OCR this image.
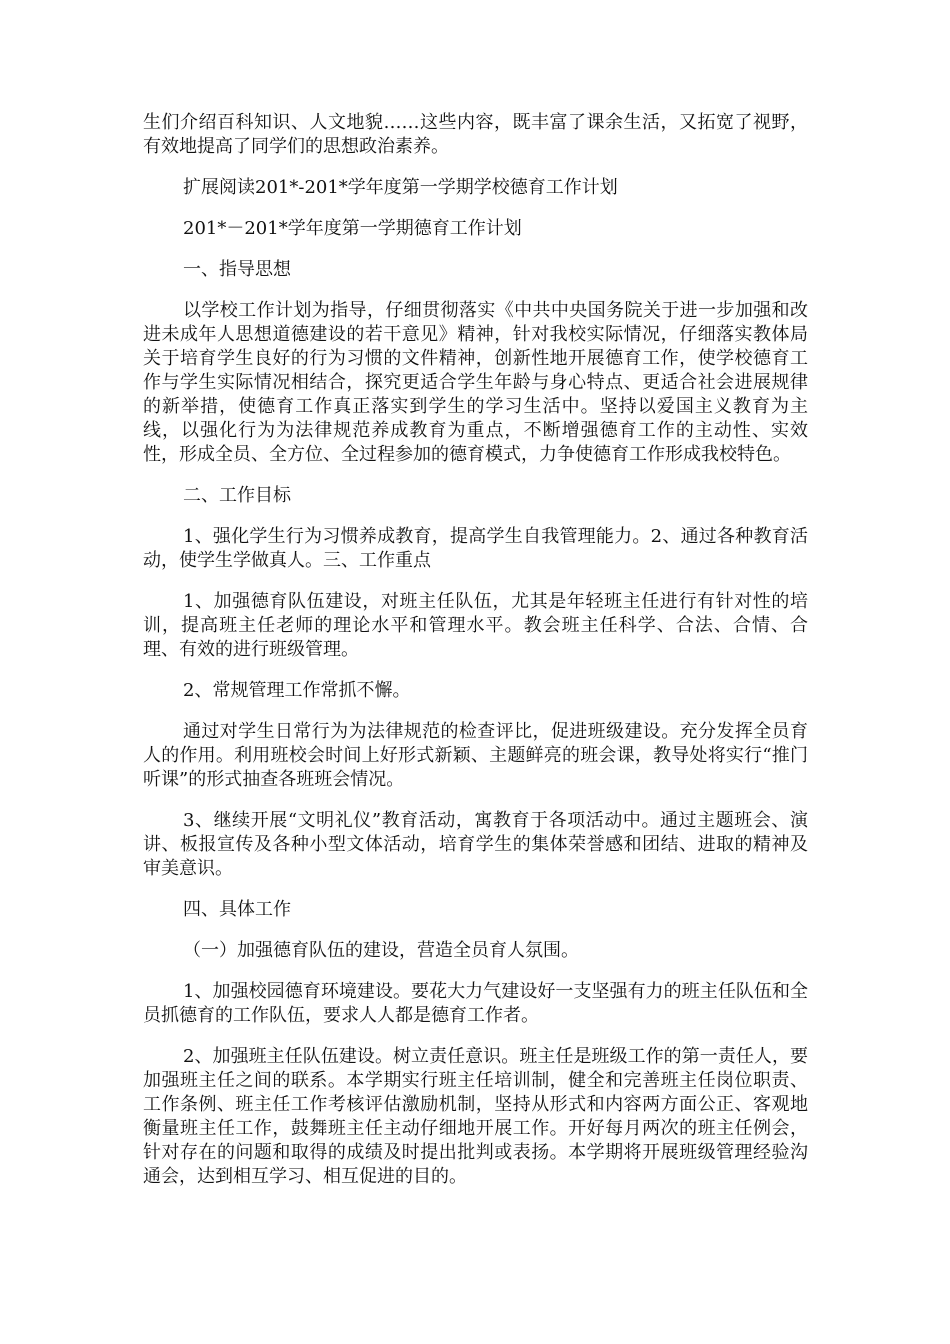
生们介绍百科知识、人文地貌……这些内容，既丰富了课余生活，又拓宽了视野，有效地提高了同学们的思想政治素养。

扩展阅读201*-201*学年度第一学期学校德育工作计划

201*－201*学年度第一学期德育工作计划

一、指导思想

以学校工作计划为指导，仔细贯彻落实《中共中央国务院关于进一步加强和改进未成年人思想道德建设的若干意见》精神，针对我校实际情况，仔细落实教体局关于培育学生良好的行为习惯的文件精神，创新性地开展德育工作，使学校德育工作与学生实际情况相结合，探究更适合学生年龄与身心特点、更适合社会进展规律的新举措，使德育工作真正落实到学生的学习生活中。坚持以爱国主义教育为主线，以强化行为为法律规范养成教育为重点，不断增强德育工作的主动性、实效性，形成全员、全方位、全过程参加的德育模式，力争使德育工作形成我校特色。

二、工作目标

1、强化学生行为习惯养成教育，提高学生自我管理能力。2、通过各种教育活动，使学生学做真人。三、工作重点

1、加强德育队伍建设，对班主任队伍，尤其是年轻班主任进行有针对性的培训，提高班主任老师的理论水平和管理水平。教会班主任科学、合法、合情、合理、有效的进行班级管理。

2、常规管理工作常抓不懈。

通过对学生日常行为为法律规范的检查评比，促进班级建设。充分发挥全员育人的作用。利用班校会时间上好形式新颖、主题鲜亮的班会课，教导处将实行“推门听课”的形式抽查各班班会情况。

3、继续开展“文明礼仪”教育活动，寓教育于各项活动中。通过主题班会、演讲、板报宣传及各种小型文体活动，培育学生的集体荣誉感和团结、进取的精神及审美意识。

四、具体工作

（一）加强德育队伍的建设，营造全员育人氛围。

1、加强校园德育环境建设。要花大力气建设好一支坚强有力的班主任队伍和全员抓德育的工作队伍，要求人人都是德育工作者。

2、加强班主任队伍建设。树立责任意识。班主任是班级工作的第一责任人，要加强班主任之间的联系。本学期实行班主任培训制，健全和完善班主任岗位职责、工作条例、班主任工作考核评估激励机制，坚持从形式和内容两方面公正、客观地衡量班主任工作，鼓舞班主任主动仔细地开展工作。开好每月两次的班主任例会，针对存在的问题和取得的成绩及时提出批判或表扬。本学期将开展班级管理经验沟通会，达到相互学习、相互促进的目的。
